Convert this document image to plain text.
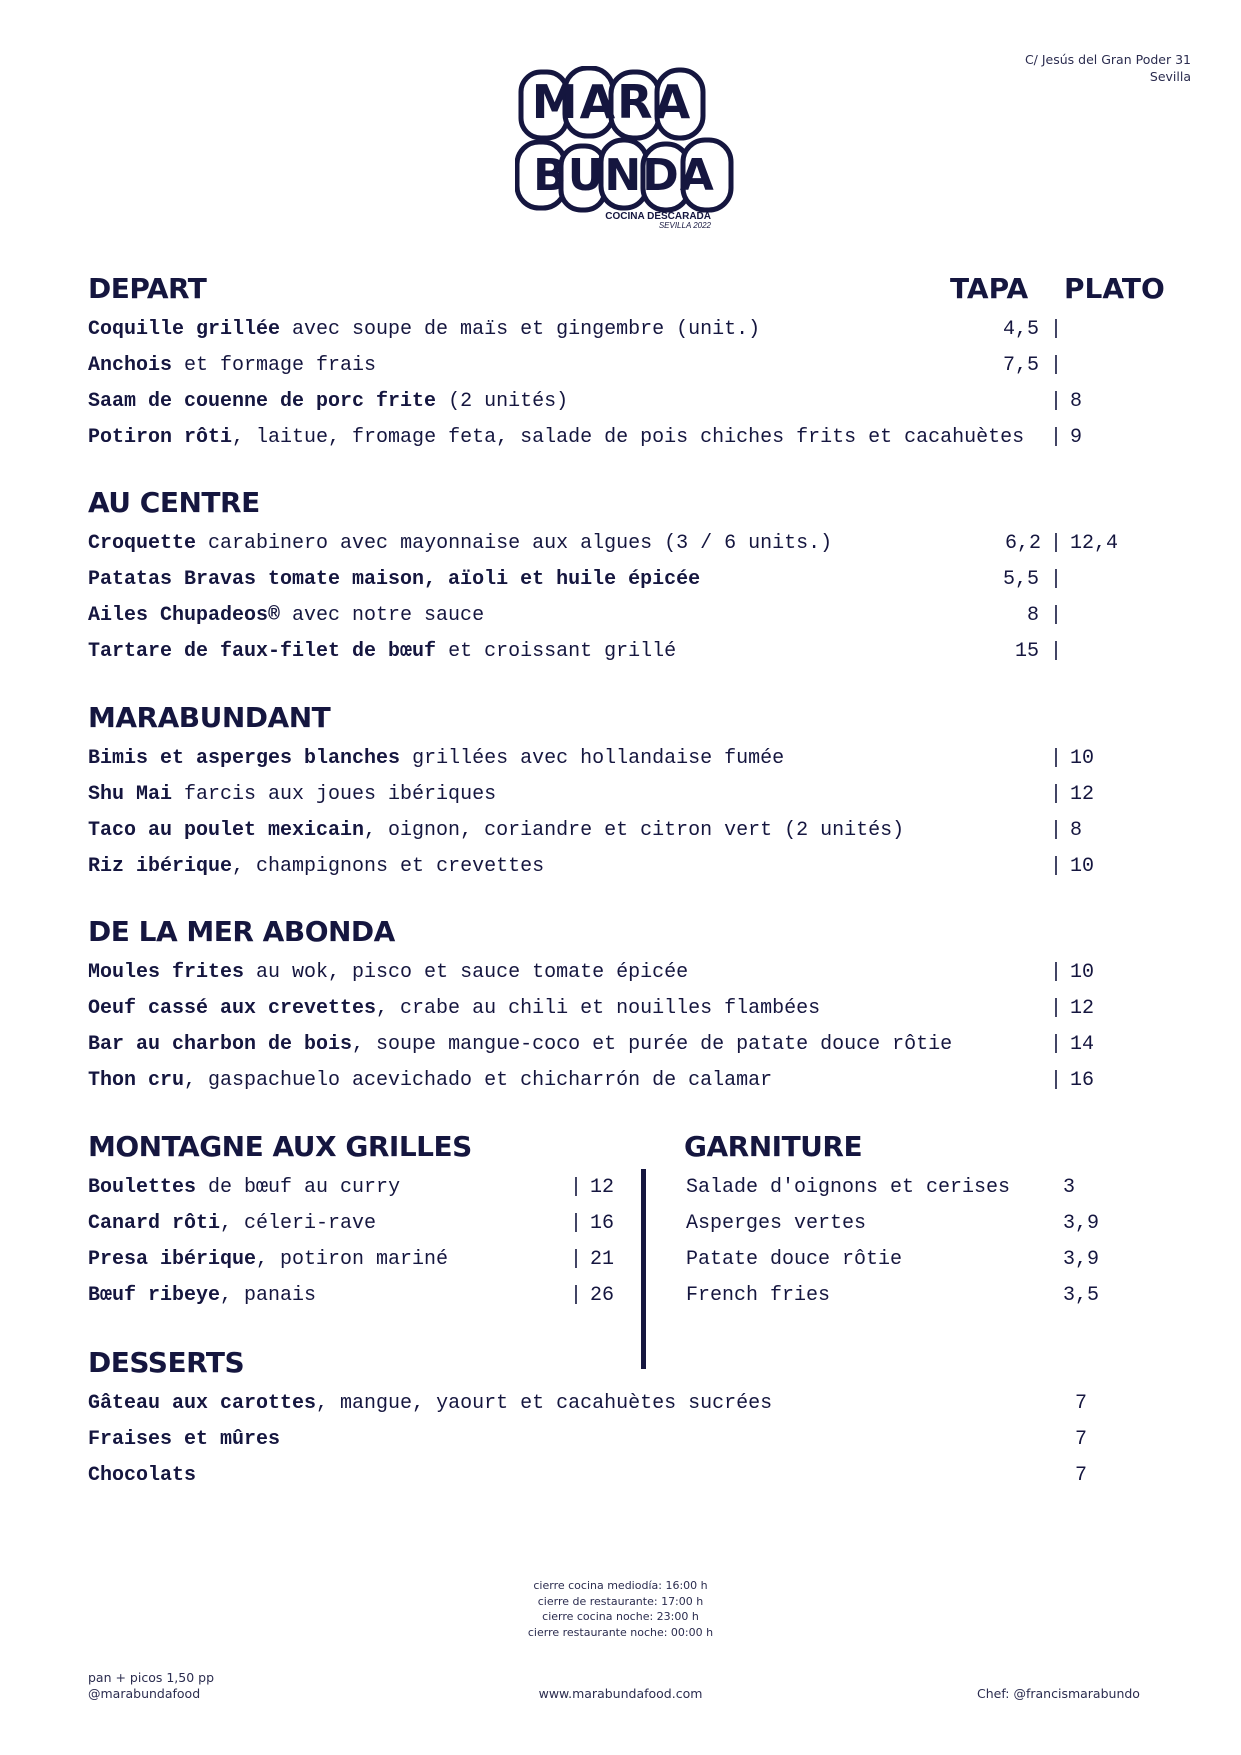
C/ Jesús del Gran Poder 31
Sevilla
MARA
BUNDA
COCINA DESCARADA
SEVILLA 2022
TAPA PLATO
DEPART
Coquille grillée avec soupe de maïs et gingembre (unit.)	4,5 |
Anchois et formage frais	7,5 |
Saam de couenne de porc frite (2 unités)	| 8
Potiron rôti, laitue, fromage feta, salade de pois chiches frits et cacahuètes | 9
AU CENTRE
Croquette carabinero avec mayonnaise aux algues (3 / 6 units.)	6,2 | 12,4
Patatas Bravas tomate maison, aïoli et huile épicée	5,5 |
Ailes Chupadeos® avec notre sauce	8 |
Tartare de faux-filet de bœuf et croissant grillé	15 |
MARABUNDANT
Bimis et asperges blanches grillées avec hollandaise fumée	| 10
Shu Mai farcis aux joues ibériques	| 12
Taco au poulet mexicain, oignon, coriandre et citron vert (2 unités)	| 8
Riz ibérique, champignons et crevettes	| 10
DE LA MER ABONDA
Moules frites au wok, pisco et sauce tomate épicée	| 10
Oeuf cassé aux crevettes, crabe au chili et nouilles flambées	| 12
Bar au charbon de bois, soupe mangue-coco et purée de patate douce rôtie	| 14
Thon cru, gaspachuelo acevichado et chicharrón de calamar	| 16
MONTAGNE AUX GRILLES
Boulettes de bœuf au curry	| 12
Canard rôti, céleri-rave	| 16
Presa ibérique, potiron mariné	| 21
Bœuf ribeye, panais	| 26
GARNITURE
Salade d'oignons et cerises	3
Asperges vertes	3,9
Patate douce rôtie	3,9
French fries	3,5
DESSERTS
Gâteau aux carottes, mangue, yaourt et cacahuètes sucrées	7
Fraises et mûres	7
Chocolats	7
cierre cocina mediodía: 16:00 h
cierre de restaurante: 17:00 h
cierre cocina noche: 23:00 h
cierre restaurante noche: 00:00 h
pan + picos 1,50 pp
@marabundafood	www.marabundafood.com	Chef: @francismarabundo
